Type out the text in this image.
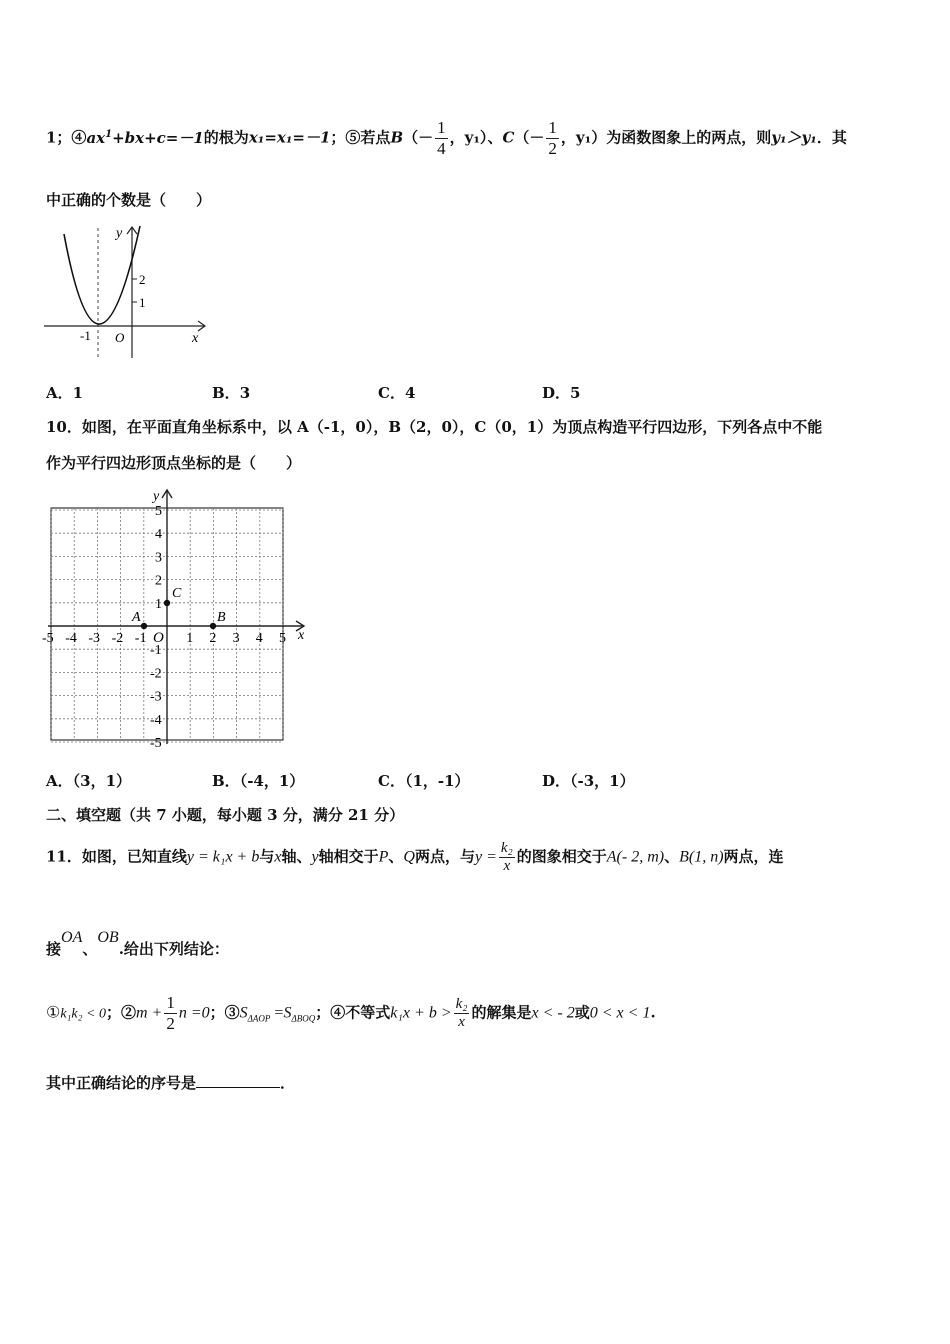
1；$④ax^1+bx+c=-1$的根为x₁=x₁=－1；⑤若点$B(- \frac{1}{4}$ ，y₁）、$C(- \frac{1}{2}$ ，y₁）为函数图象上的两点，则y₁＞y₁．其
中正确的个数是（　　）
y
x
O
-1
2
1
A．1	B．3	C．4	D．5
10．如图，在平面直角坐标系中，以 A（-1，0），B（2，0），C（0，1）为顶点构造平行四边形，下列各点中不能
作为平行四边形顶点坐标的是（　　）
x
y
O
-5 -4 -3 -2 -1	1 2 3 4 5
5
4
3
2
1
-1
-2
-3
-4
-5
A	B
C
A．（3，1）	B．（-4，1）	C．（1，-1）	D．（-3，1）
二、填空题（共 7 小题，每小题 3 分，满分 21 分）
11．如图，已知直线y = k₁x + b与x轴、y轴相交于P、Q两点，与$y = \frac{\text{k₂}}{x}$ 的图象相交于A(- 2, m)、B(1, n)两点，连
接OA、OB.给出下列结论：
①k₁k₂ < 0；②m + $\frac{1}{2}$ n =0；$③S_{\Delta AOP} =S_{\Delta BOQ}$；④不等式$k_1x + b > \frac{\text{k₂}}{x}$ 的解集是x < - 2或0 < x < 1.
其中正确结论的序号是	．
